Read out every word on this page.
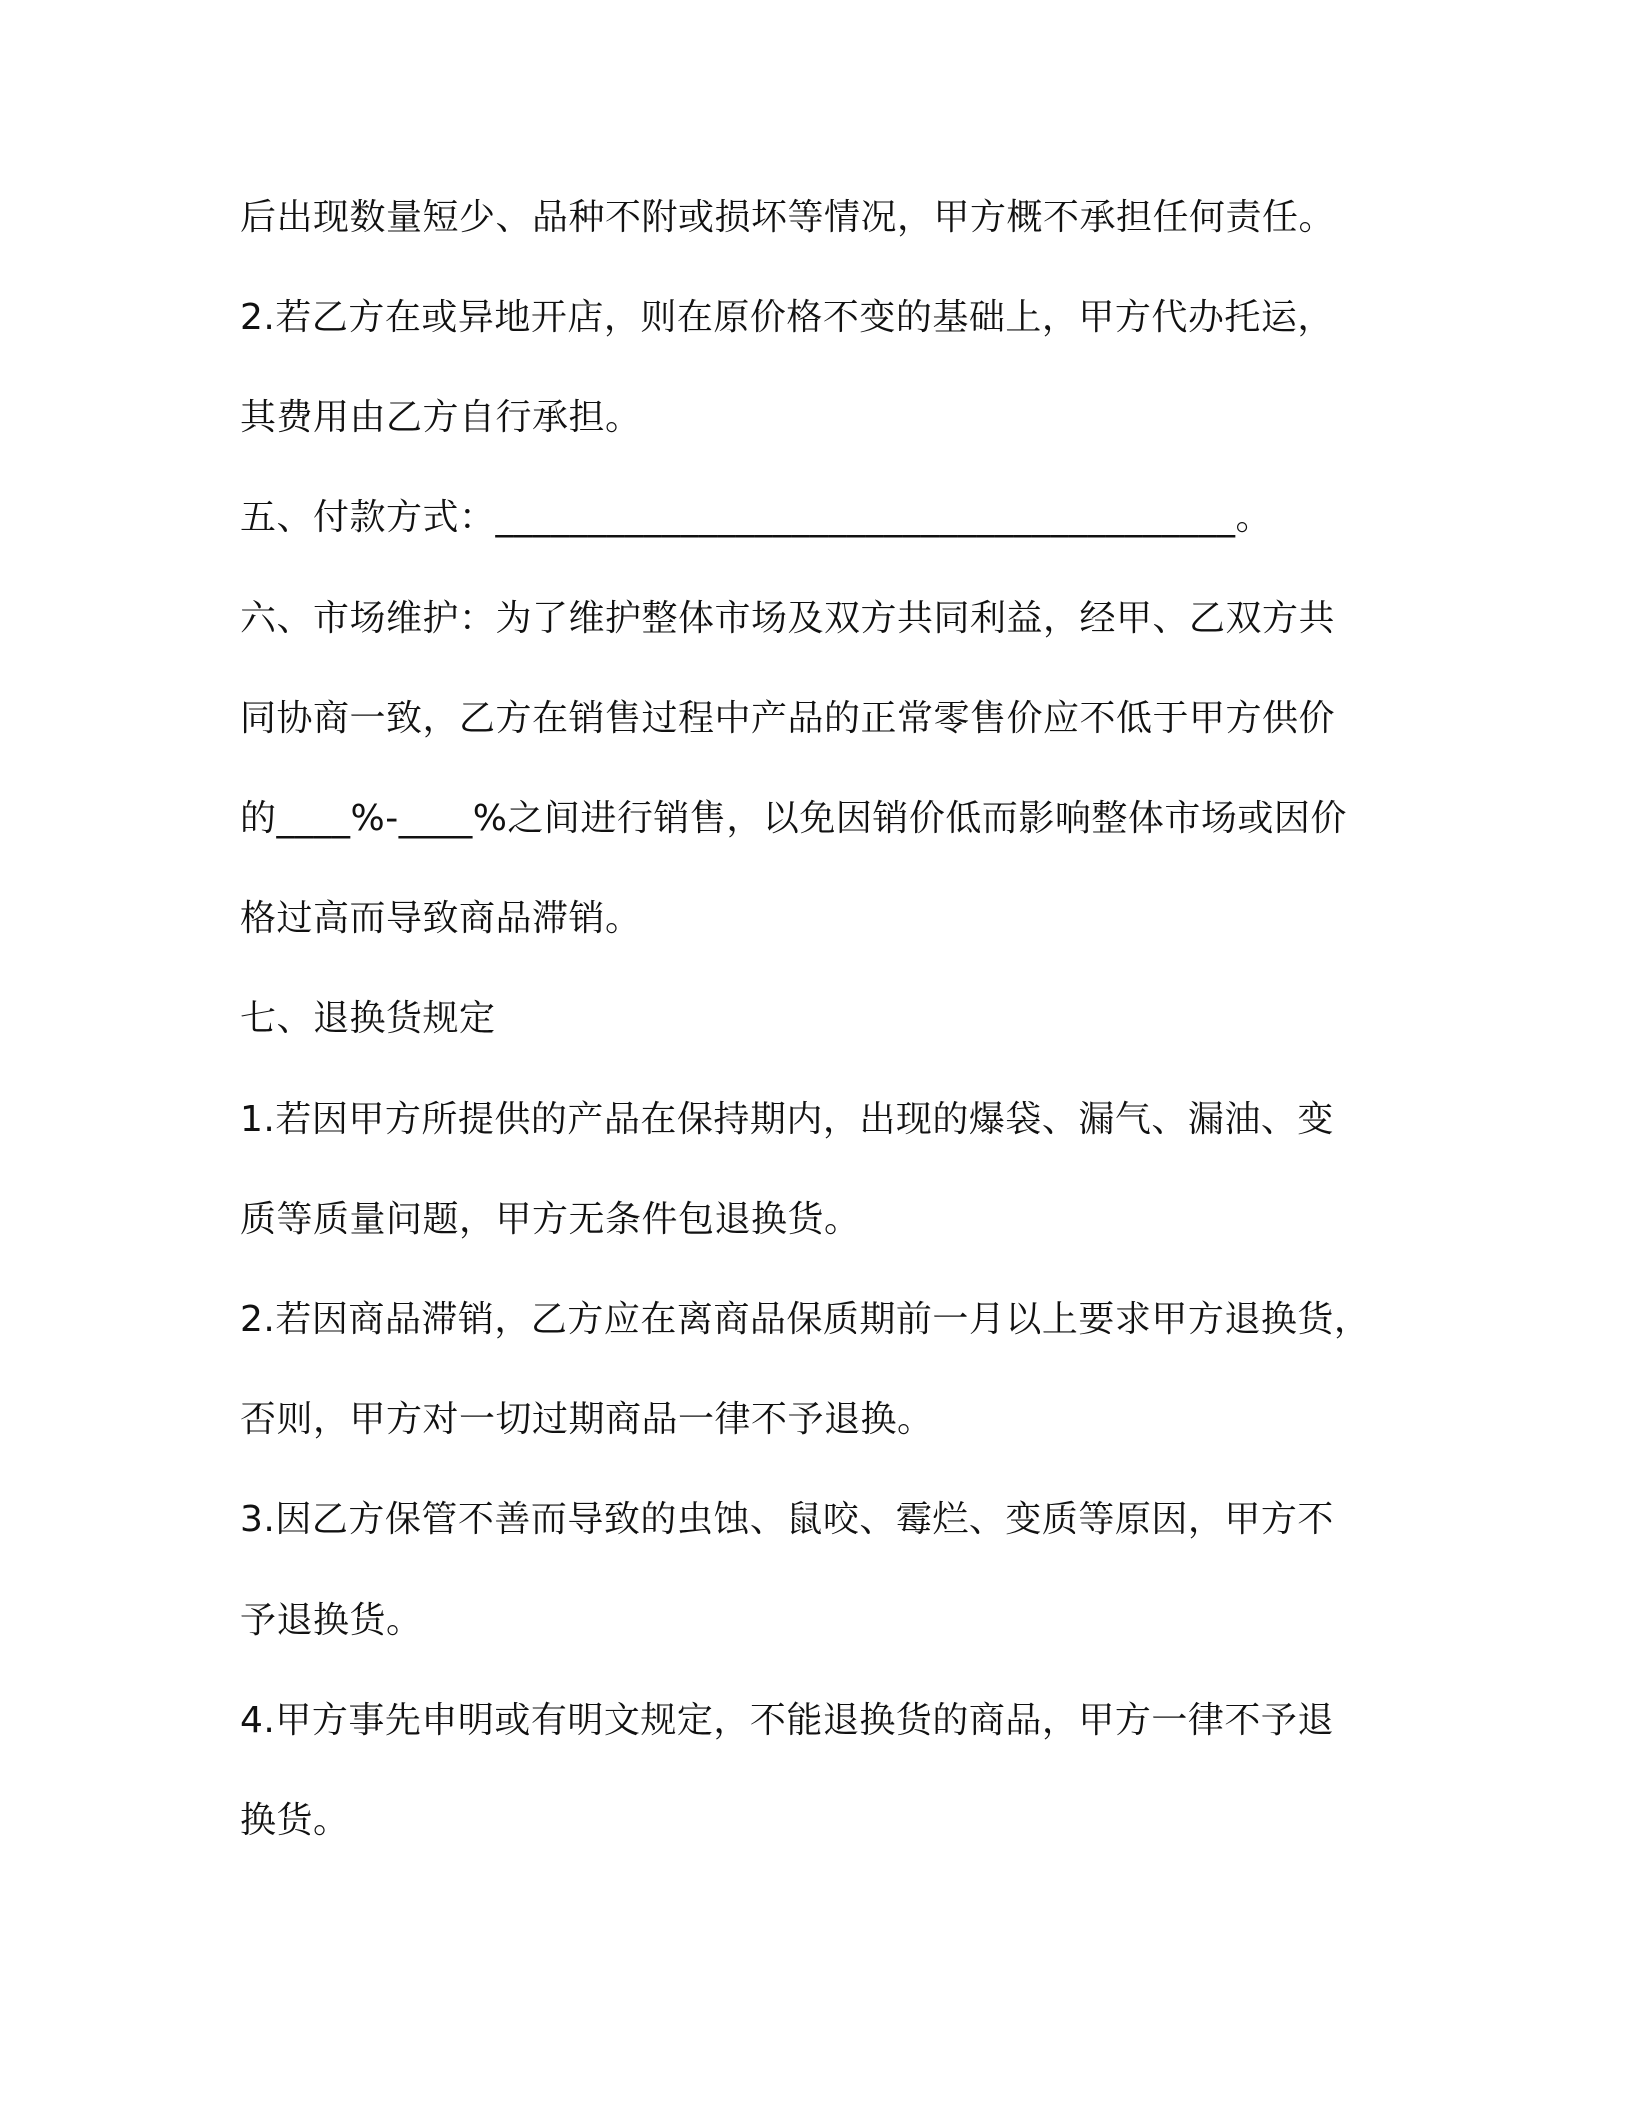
后出现数量短少、品种不附或损坏等情况，甲方概不承担任何责任。
2.若乙方在或异地开店，则在原价格不变的基础上，甲方代办托运，
其费用由乙方自行承担。
五、付款方式：________________________________________。
六、市场维护：为了维护整体市场及双方共同利益，经甲、乙双方共
同协商一致，乙方在销售过程中产品的正常零售价应不低于甲方供价
的____%-____%之间进行销售，以免因销价低而影响整体市场或因价
格过高而导致商品滞销。
七、退换货规定
1.若因甲方所提供的产品在保持期内，出现的爆袋、漏气、漏油、变
质等质量问题，甲方无条件包退换货。
2.若因商品滞销，乙方应在离商品保质期前一月以上要求甲方退换货，
否则，甲方对一切过期商品一律不予退换。
3.因乙方保管不善而导致的虫蚀、鼠咬、霉烂、变质等原因，甲方不
予退换货。
4.甲方事先申明或有明文规定，不能退换货的商品，甲方一律不予退
换货。
